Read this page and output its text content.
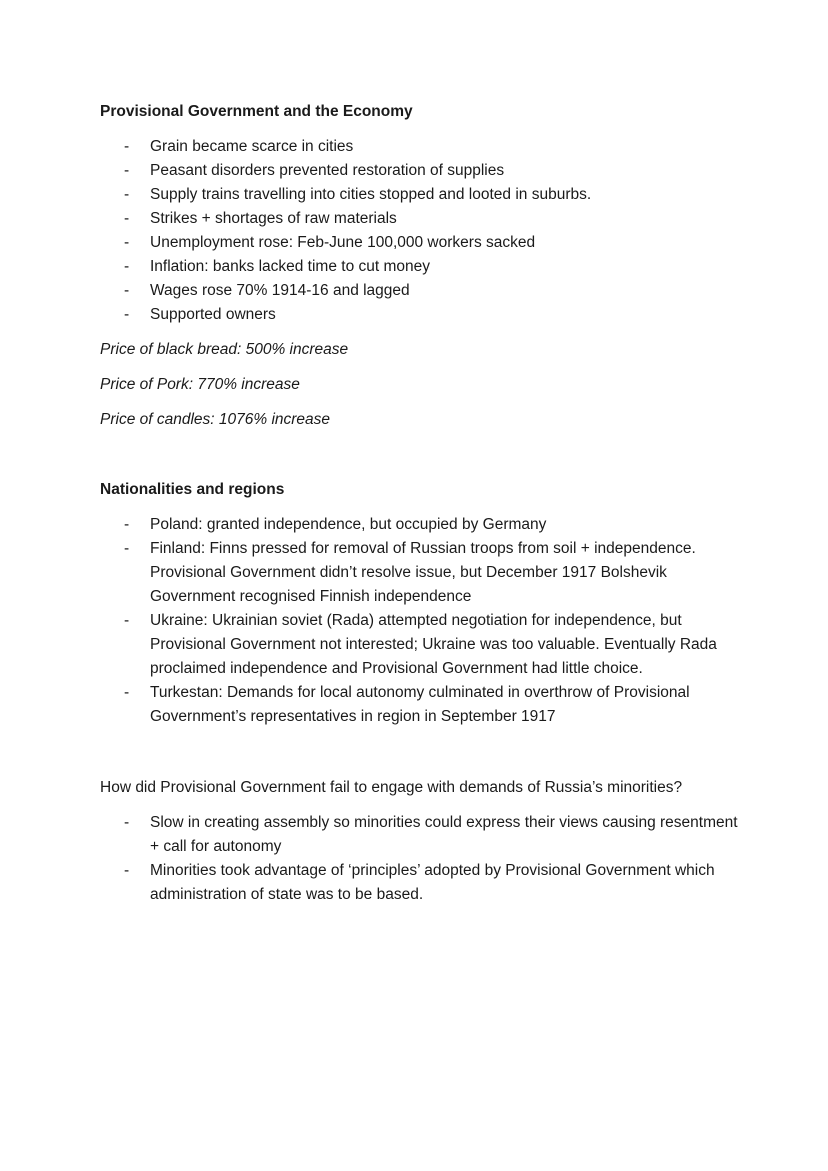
Provisional Government and the Economy

- Grain became scarce in cities
- Peasant disorders prevented restoration of supplies
- Supply trains travelling into cities stopped and looted in suburbs.
- Strikes + shortages of raw materials
- Unemployment rose: Feb-June 100,000 workers sacked
- Inflation: banks lacked time to cut money
- Wages rose 70% 1914-16 and lagged
- Supported owners

Price of black bread: 500% increase

Price of Pork: 770% increase

Price of candles: 1076% increase

Nationalities and regions

- Poland: granted independence, but occupied by Germany
- Finland: Finns pressed for removal of Russian troops from soil + independence. Provisional Government didn’t resolve issue, but December 1917 Bolshevik Government recognised Finnish independence
- Ukraine: Ukrainian soviet (Rada) attempted negotiation for independence, but Provisional Government not interested; Ukraine was too valuable. Eventually Rada proclaimed independence and Provisional Government had little choice.
- Turkestan: Demands for local autonomy culminated in overthrow of Provisional Government’s representatives in region in September 1917

How did Provisional Government fail to engage with demands of Russia’s minorities?

- Slow in creating assembly so minorities could express their views causing resentment + call for autonomy
- Minorities took advantage of ‘principles’ adopted by Provisional Government which administration of state was to be based.
